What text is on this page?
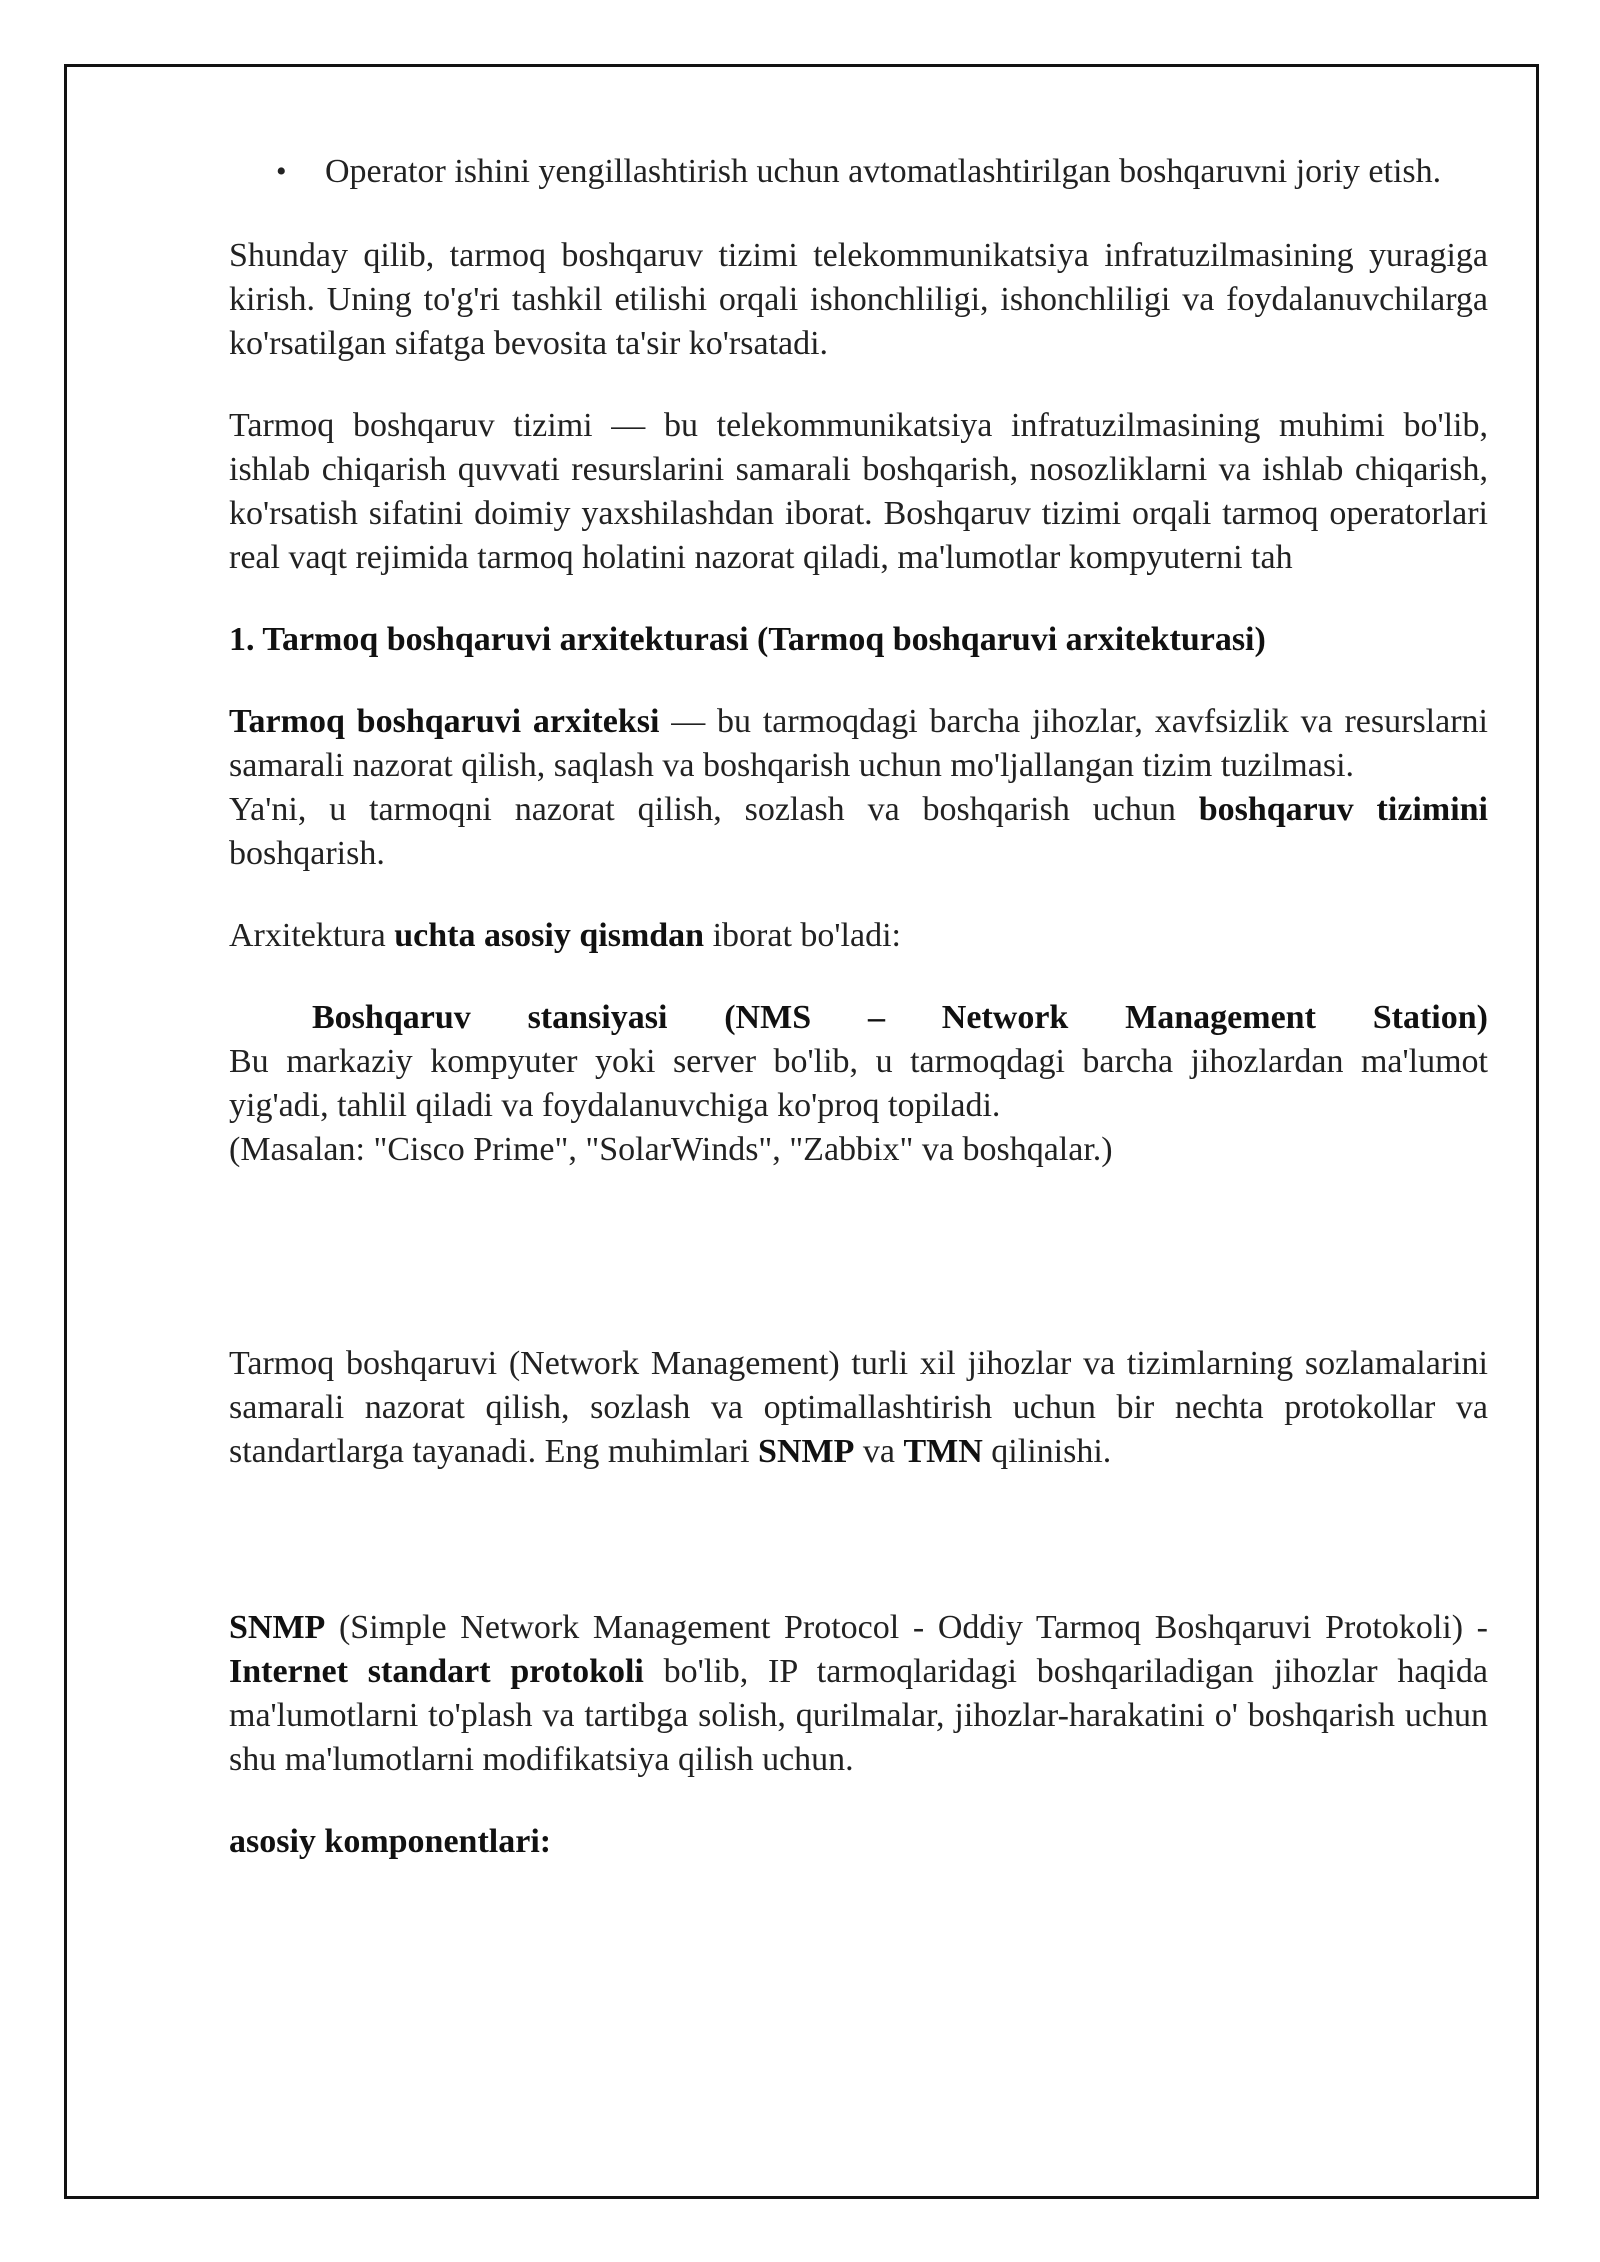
• Operator ishini yengillashtirish uchun avtomatlashtirilgan boshqaruvni joriy etish.

Shunday qilib, tarmoq boshqaruv tizimi telekommunikatsiya infratuzilmasining yuragiga kirish. Uning to'g'ri tashkil etilishi orqali ishonchliligi, ishonchliligi va foydalanuvchilarga ko'rsatilgan sifatga bevosita ta'sir ko'rsatadi.

Tarmoq boshqaruv tizimi — bu telekommunikatsiya infratuzilmasining muhimi bo'lib, ishlab chiqarish quvvati resurslarini samarali boshqarish, nosozliklarni va ishlab chiqarish, ko'rsatish sifatini doimiy yaxshilashdan iborat. Boshqaruv tizimi orqali tarmoq operatorlari real vaqt rejimida tarmoq holatini nazorat qiladi, ma'lumotlar kompyuterni tah

1. Tarmoq boshqaruvi arxitekturasi (Tarmoq boshqaruvi arxitekturasi)

Tarmoq boshqaruvi arxiteksi — bu tarmoqdagi barcha jihozlar, xavfsizlik va resurslarni samarali nazorat qilish, saqlash va boshqarish uchun mo'ljallangan tizim tuzilmasi.

Ya'ni, u tarmoqni nazorat qilish, sozlash va boshqarish uchun boshqaruv tizimini boshqarish.

Arxitektura uchta asosiy qismdan iborat bo'ladi:

Boshqaruv stansiyasi (NMS – Network Management Station)

Bu markaziy kompyuter yoki server bo'lib, u tarmoqdagi barcha jihozlardan ma'lumot yig'adi, tahlil qiladi va foydalanuvchiga ko'proq topiladi.

(Masalan: "Cisco Prime", "SolarWinds", "Zabbix" va boshqalar.)

Tarmoq boshqaruvi (Network Management) turli xil jihozlar va tizimlarning sozlamalarini samarali nazorat qilish, sozlash va optimallashtirish uchun bir nechta protokollar va standartlarga tayanadi. Eng muhimlari SNMP va TMN qilinishi.

SNMP (Simple Network Management Protocol - Oddiy Tarmoq Boshqaruvi Protokoli) - Internet standart protokoli bo'lib, IP tarmoqlaridagi boshqariladigan jihozlar haqida ma'lumotlarni to'plash va tartibga solish, qurilmalar, jihozlar-harakatini o' boshqarish uchun shu ma'lumotlarni modifikatsiya qilish uchun.

asosiy komponentlari:
